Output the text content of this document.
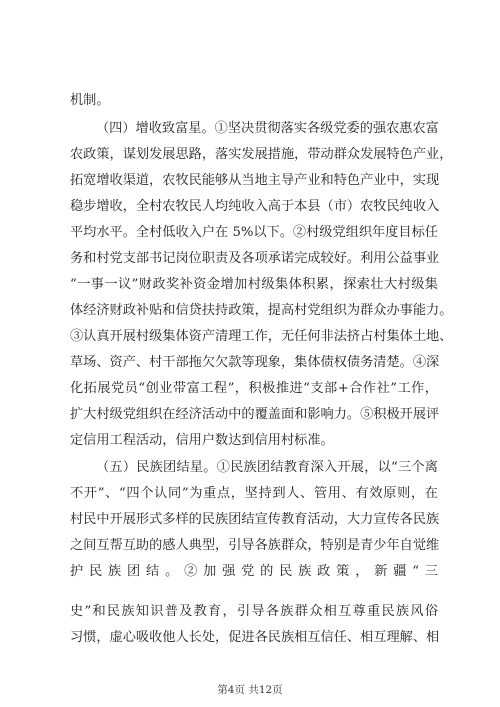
机制。
（四）增收致富星。①坚决贯彻落实各级党委的强农惠农富
农政策，谋划发展思路，落实发展措施，带动群众发展特色产业，
拓宽增收渠道，农牧民能够从当地主导产业和特色产业中，实现
稳步增收，全村农牧民人均纯收入高于本县（市）农牧民纯收入
平均水平。全村低收入户在 5%以下。②村级党组织年度目标任
务和村党支部书记岗位职责及各项承诺完成较好。利用公益事业
“一事一议”财政奖补资金增加村级集体积累，探索壮大村级集
体经济财政补贴和信贷扶持政策，提高村党组织为群众办事能力。
③认真开展村级集体资产清理工作，无任何非法挤占村集体土地、
草场、资产、村干部拖欠欠款等现象，集体债权债务清楚。④深
化拓展党员“创业带富工程”，积极推进“支部+合作社”工作，
扩大村级党组织在经济活动中的覆盖面和影响力。⑤积极开展评
定信用工程活动，信用户数达到信用村标准。
（五）民族团结星。①民族团结教育深入开展，以“三个离
不开”、“四个认同”为重点，坚持到人、管用、有效原则，在
村民中开展形式多样的民族团结宣传教育活动，大力宣传各民族
之间互帮互助的感人典型，引导各族群众，特别是青少年自觉维
护民族团结。②加强党的民族政策，新疆“三
史”和民族知识普及教育，引导各族群众相互尊重民族风俗
习惯，虚心吸收他人长处，促进各民族相互信任、相互理解、相
第4页 共12页
